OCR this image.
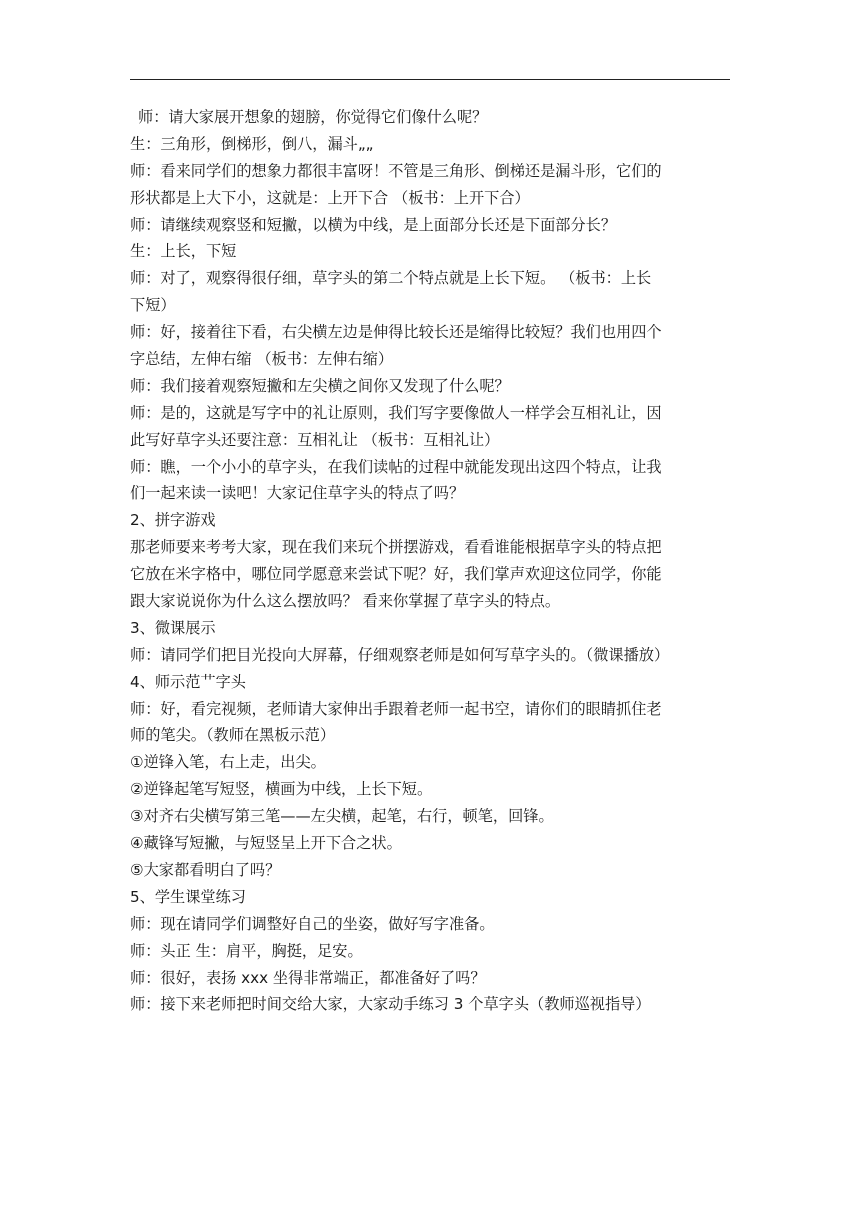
师：请大家展开想象的翅膀，你觉得它们像什么呢？
生：三角形，倒梯形，倒八，漏斗„„
师：看来同学们的想象力都很丰富呀！不管是三角形、倒梯还是漏斗形，它们的
形状都是上大下小，这就是：上开下合 （板书：上开下合）
师：请继续观察竖和短撇，以横为中线，是上面部分长还是下面部分长？
生：上长，下短
师：对了，观察得很仔细，草字头的第二个特点就是上长下短。 （板书：上长
下短）
师：好，接着往下看，右尖横左边是伸得比较长还是缩得比较短？我们也用四个
字总结，左伸右缩 （板书：左伸右缩）
师：我们接着观察短撇和左尖横之间你又发现了什么呢？
师：是的，这就是写字中的礼让原则，我们写字要像做人一样学会互相礼让，因
此写好草字头还要注意：互相礼让 （板书：互相礼让）
师：瞧，一个小小的草字头，在我们读帖的过程中就能发现出这四个特点，让我
们一起来读一读吧！大家记住草字头的特点了吗？
2、拼字游戏
那老师要来考考大家，现在我们来玩个拼摆游戏，看看谁能根据草字头的特点把
它放在米字格中，哪位同学愿意来尝试下呢？好，我们掌声欢迎这位同学，你能
跟大家说说你为什么这么摆放吗？ 看来你掌握了草字头的特点。
3、微课展示
师：请同学们把目光投向大屏幕，仔细观察老师是如何写草字头的。（微课播放）
4、师示范艹字头
师：好，看完视频，老师请大家伸出手跟着老师一起书空，请你们的眼睛抓住老
师的笔尖。（教师在黑板示范）
①逆锋入笔，右上走，出尖。
②逆锋起笔写短竖，横画为中线，上长下短。
③对齐右尖横写第三笔——左尖横，起笔，右行，顿笔，回锋。
④藏锋写短撇，与短竖呈上开下合之状。
⑤大家都看明白了吗？
5、学生课堂练习
师：现在请同学们调整好自己的坐姿，做好写字准备。
师：头正 生：肩平，胸挺，足安。
师：很好，表扬 xxx 坐得非常端正，都准备好了吗？
师：接下来老师把时间交给大家，大家动手练习 3 个草字头（教师巡视指导）
